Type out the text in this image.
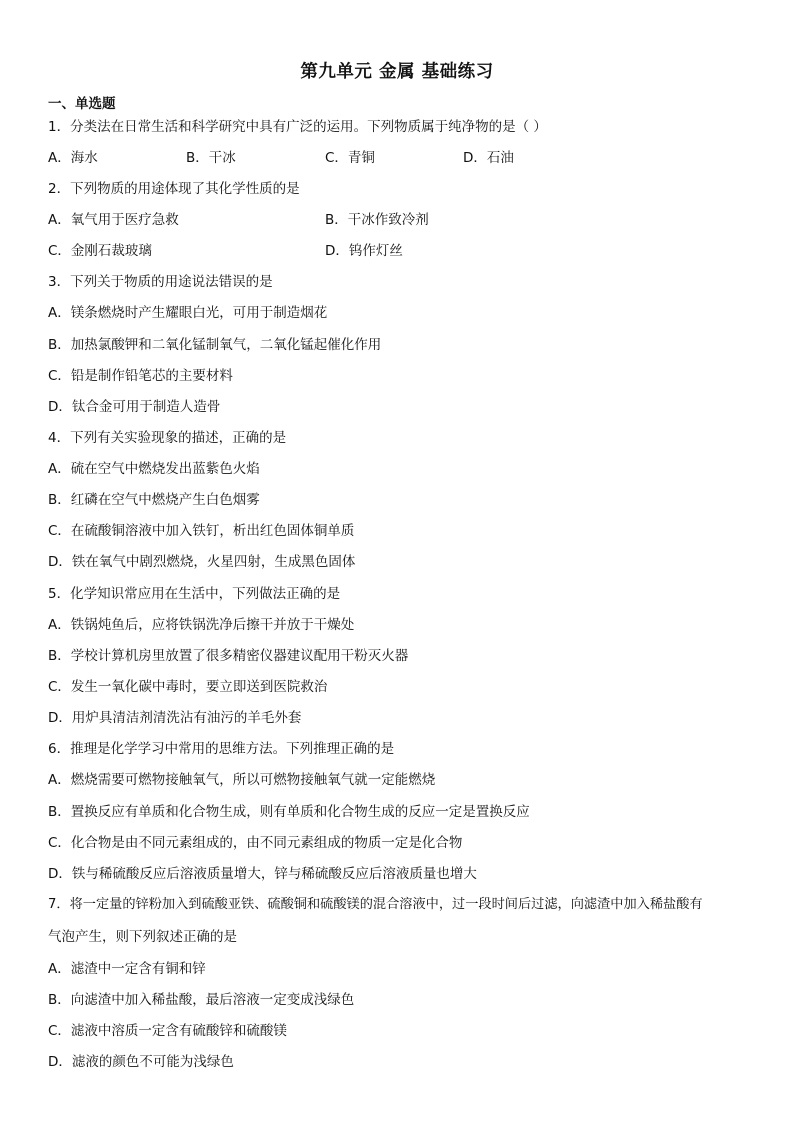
第九单元 金属 基础练习
一、单选题
1．分类法在日常生活和科学研究中具有广泛的运用。下列物质属于纯净物的是（ ）
A．海水	B．干冰	C．青铜	D．石油
2．下列物质的用途体现了其化学性质的是
A．氧气用于医疗急救	B．干冰作致冷剂
C．金刚石裁玻璃	D．钨作灯丝
3．下列关于物质的用途说法错误的是
A．镁条燃烧时产生耀眼白光，可用于制造烟花
B．加热氯酸钾和二氧化锰制氧气，二氧化锰起催化作用
C．铅是制作铅笔芯的主要材料
D．钛合金可用于制造人造骨
4．下列有关实验现象的描述，正确的是
A．硫在空气中燃烧发出蓝紫色火焰
B．红磷在空气中燃烧产生白色烟雾
C．在硫酸铜溶液中加入铁钉，析出红色固体铜单质
D．铁在氧气中剧烈燃烧，火星四射，生成黑色固体
5．化学知识常应用在生活中，下列做法正确的是
A．铁锅炖鱼后，应将铁锅洗净后擦干并放于干燥处
B．学校计算机房里放置了很多精密仪器建议配用干粉灭火器
C．发生一氧化碳中毒时，要立即送到医院救治
D．用炉具清洁剂清洗沾有油污的羊毛外套
6．推理是化学学习中常用的思维方法。下列推理正确的是
A．燃烧需要可燃物接触氧气，所以可燃物接触氧气就一定能燃烧
B．置换反应有单质和化合物生成，则有单质和化合物生成的反应一定是置换反应
C．化合物是由不同元素组成的，由不同元素组成的物质一定是化合物
D．铁与稀硫酸反应后溶液质量增大，锌与稀硫酸反应后溶液质量也增大
7．将一定量的锌粉加入到硫酸亚铁、硫酸铜和硫酸镁的混合溶液中，过一段时间后过滤，向滤渣中加入稀盐酸有
气泡产生，则下列叙述正确的是
A．滤渣中一定含有铜和锌
B．向滤渣中加入稀盐酸，最后溶液一定变成浅绿色
C．滤液中溶质一定含有硫酸锌和硫酸镁
D．滤液的颜色不可能为浅绿色
